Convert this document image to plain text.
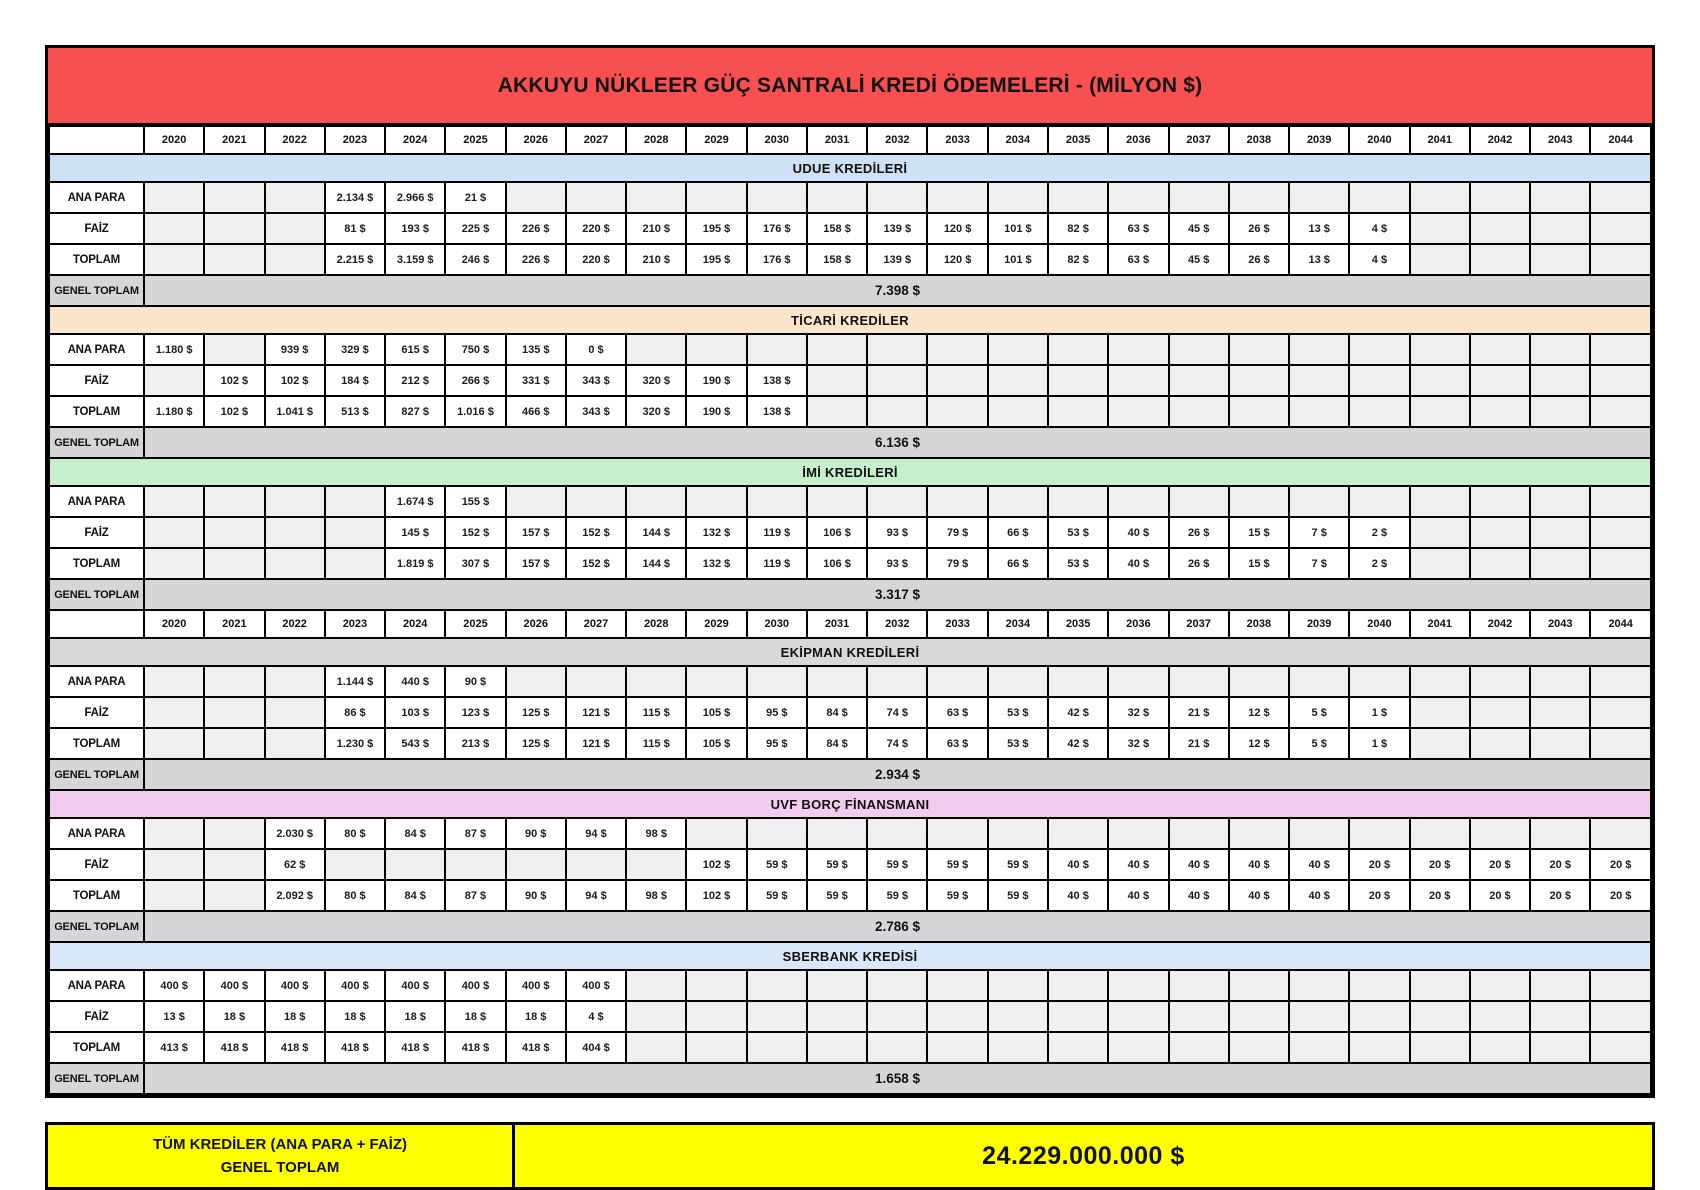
AKKUYU NÜKLEER GÜÇ SANTRALİ KREDİ ÖDEMELERİ - (MİLYON $)
	2020	2021	2022	2023	2024	2025	2026	2027	2028	2029	2030	2031	2032	2033	2034	2035	2036	2037	2038	2039	2040	2041	2042	2043	2044
UDUE KREDİLERİ																									
ANA PARA				2.134 $	2.966 $	21 $																			
FAİZ				81 $	193 $	225 $	226 $	220 $	210 $	195 $	176 $	158 $	139 $	120 $	101 $	82 $	63 $	45 $	26 $	13 $	4 $				
TOPLAM				2.215 $	3.159 $	246 $	226 $	220 $	210 $	195 $	176 $	158 $	139 $	120 $	101 $	82 $	63 $	45 $	26 $	13 $	4 $				
GENEL TOPLAM	7.398 $																								
TİCARİ KREDİLER																									
ANA PARA	1.180 $		939 $	329 $	615 $	750 $	135 $	0 $																	
FAİZ		102 $	102 $	184 $	212 $	266 $	331 $	343 $	320 $	190 $	138 $														
TOPLAM	1.180 $	102 $	1.041 $	513 $	827 $	1.016 $	466 $	343 $	320 $	190 $	138 $														
GENEL TOPLAM	6.136 $																								
İMİ KREDİLERİ																									
ANA PARA					1.674 $	155 $																			
FAİZ					145 $	152 $	157 $	152 $	144 $	132 $	119 $	106 $	93 $	79 $	66 $	53 $	40 $	26 $	15 $	7 $	2 $				
TOPLAM					1.819 $	307 $	157 $	152 $	144 $	132 $	119 $	106 $	93 $	79 $	66 $	53 $	40 $	26 $	15 $	7 $	2 $				
GENEL TOPLAM	3.317 $																								
	2020	2021	2022	2023	2024	2025	2026	2027	2028	2029	2030	2031	2032	2033	2034	2035	2036	2037	2038	2039	2040	2041	2042	2043	2044
EKİPMAN KREDİLERİ																									
ANA PARA				1.144 $	440 $	90 $																			
FAİZ				86 $	103 $	123 $	125 $	121 $	115 $	105 $	95 $	84 $	74 $	63 $	53 $	42 $	32 $	21 $	12 $	5 $	1 $				
TOPLAM				1.230 $	543 $	213 $	125 $	121 $	115 $	105 $	95 $	84 $	74 $	63 $	53 $	42 $	32 $	21 $	12 $	5 $	1 $				
GENEL TOPLAM	2.934 $																								
UVF BORÇ FİNANSMANI																									
ANA PARA			2.030 $	80 $	84 $	87 $	90 $	94 $	98 $																
FAİZ			62 $							102 $	59 $	59 $	59 $	59 $	59 $	40 $	40 $	40 $	40 $	40 $	20 $	20 $	20 $	20 $	20 $
TOPLAM			2.092 $	80 $	84 $	87 $	90 $	94 $	98 $	102 $	59 $	59 $	59 $	59 $	59 $	40 $	40 $	40 $	40 $	40 $	20 $	20 $	20 $	20 $	20 $
GENEL TOPLAM	2.786 $																								
SBERBANK KREDİSİ																									
ANA PARA	400 $	400 $	400 $	400 $	400 $	400 $	400 $	400 $																	
FAİZ	13 $	18 $	18 $	18 $	18 $	18 $	18 $	4 $																	
TOPLAM	413 $	418 $	418 $	418 $	418 $	418 $	418 $	404 $																	
GENEL TOPLAM	1.658 $																								
TÜM KREDİLER (ANA PARA + FAİZ)
GENEL TOPLAM	24.229.000.000 $
